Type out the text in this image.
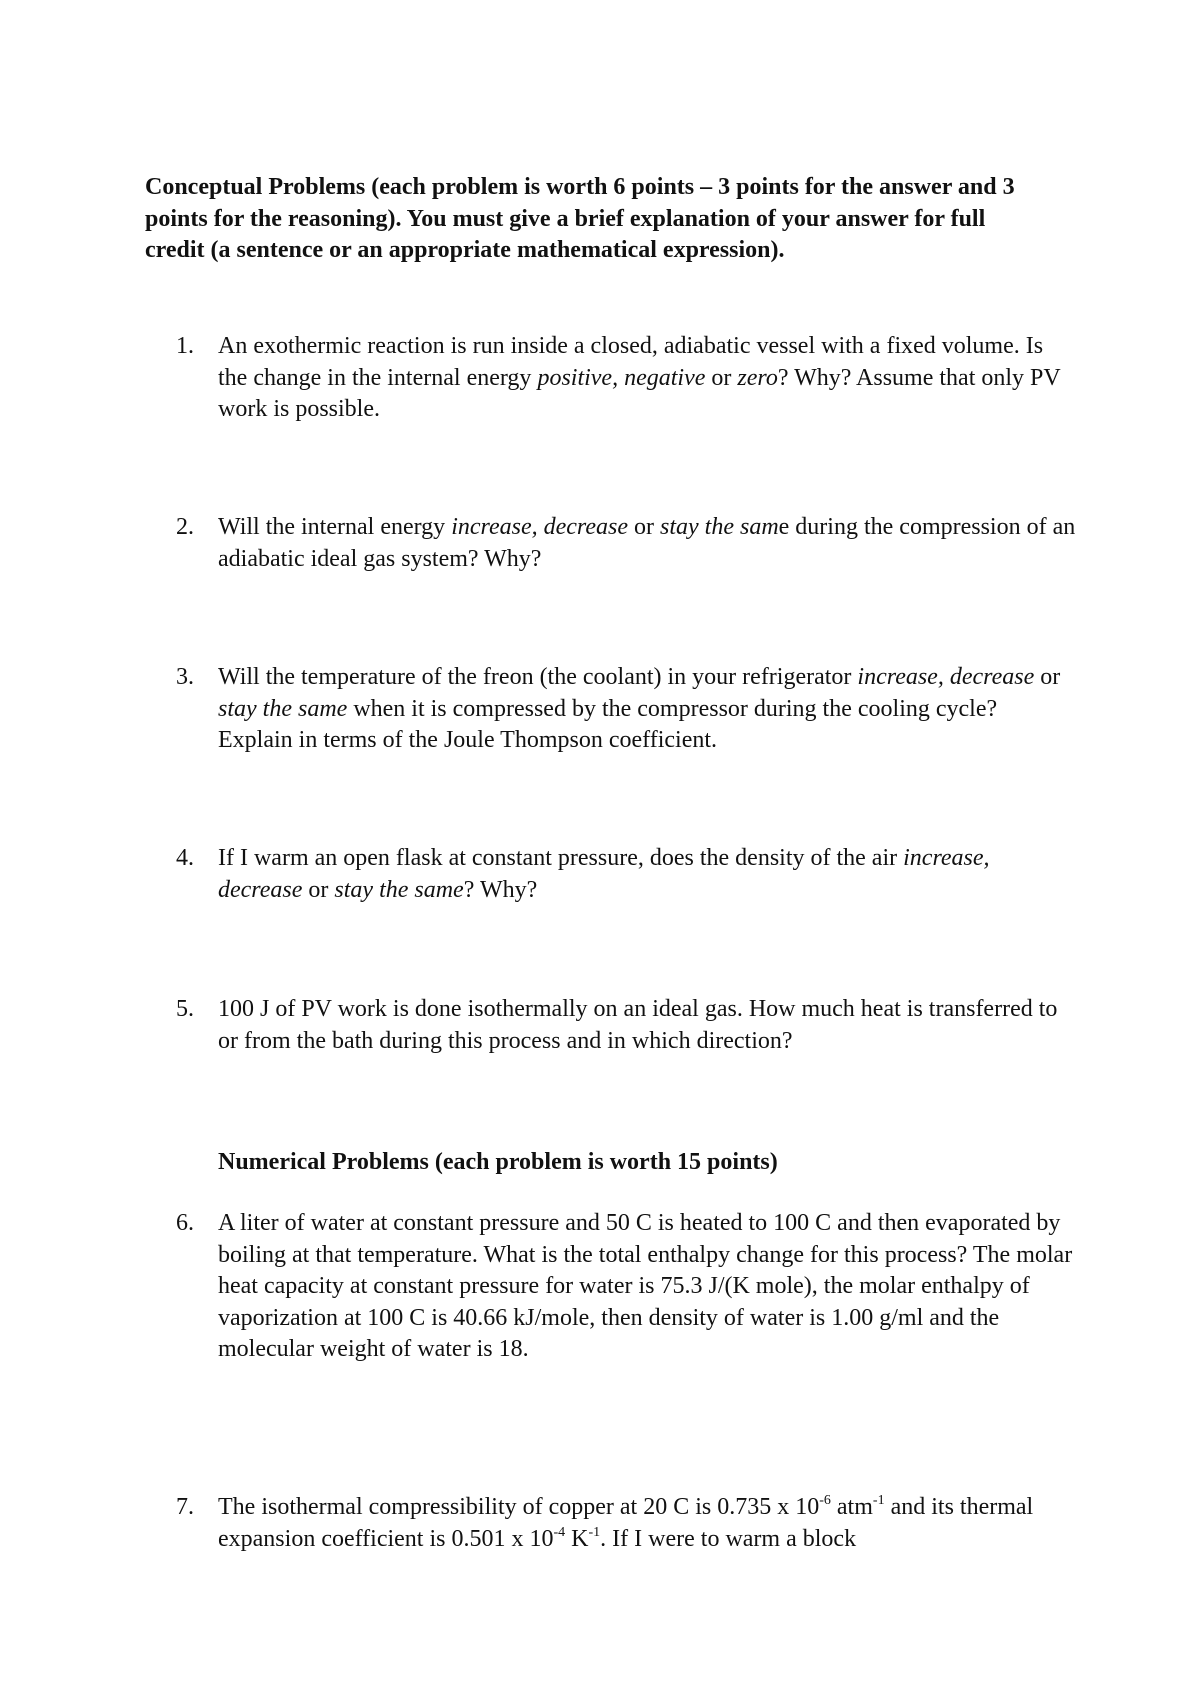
Conceptual Problems (each problem is worth 6 points – 3 points for the answer and 3 points for the reasoning). You must give a brief explanation of your answer for full credit (a sentence or an appropriate mathematical expression).
1.	An exothermic reaction is run inside a closed, adiabatic vessel with a fixed volume. Is the change in the internal energy positive, negative or zero? Why? Assume that only PV work is possible.
2.	Will the internal energy increase, decrease or stay the same during the compression of an adiabatic ideal gas system? Why?
3.	Will the temperature of the freon (the coolant) in your refrigerator increase, decrease or stay the same when it is compressed by the compressor during the cooling cycle? Explain in terms of the Joule Thompson coefficient.
4.	If I warm an open flask at constant pressure, does the density of the air increase, decrease or stay the same? Why?
5.	100 J of PV work is done isothermally on an ideal gas. How much heat is transferred to or from the bath during this process and in which direction?
Numerical Problems (each problem is worth 15 points)
6.	A liter of water at constant pressure and 50 C is heated to 100 C and then evaporated by boiling at that temperature. What is the total enthalpy change for this process? The molar heat capacity at constant pressure for water is 75.3 J/(K mole), the molar enthalpy of vaporization at 100 C is 40.66 kJ/mole, then density of water is 1.00 g/ml and the molecular weight of water is 18.
7.	The isothermal compressibility of copper at 20 C is 0.735 x $10^{-6}$ atm$^{-1}$ and its thermal expansion coefficient is 0.501 x $10^{-4}$ $K^{-1}$. If I were to warm a block
